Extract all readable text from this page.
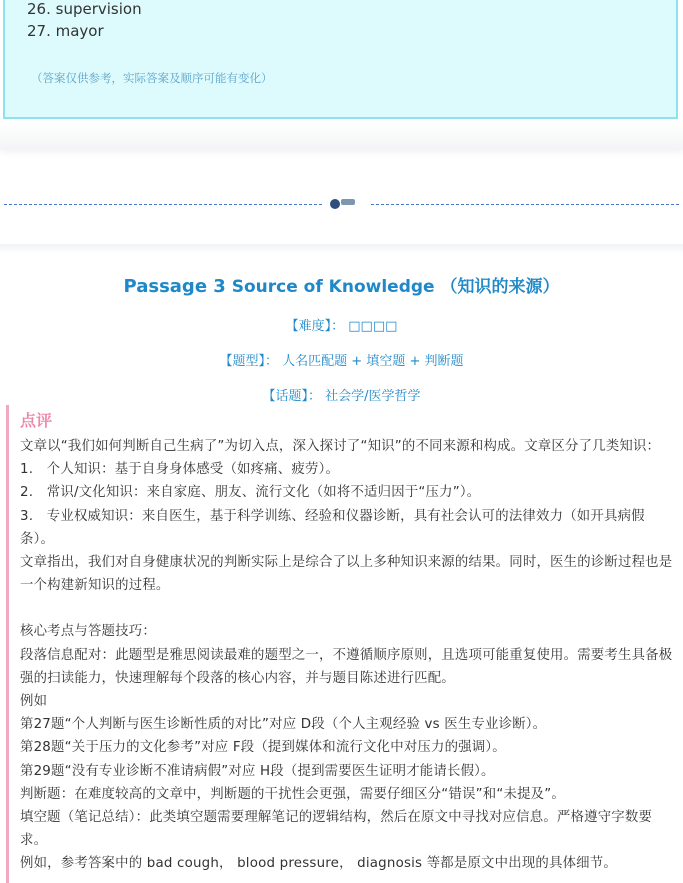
26. supervision
27. mayor
（答案仅供参考，实际答案及顺序可能有变化）
Passage 3 Source of Knowledge （知识的来源）
【难度】： □□□□
【题型】： 人名匹配题 + 填空题 + 判断题
【话题】： 社会学/医学哲学
点评

文章以“我们如何判断自己生病了”为切入点，深入探讨了“知识”的不同来源和构成。文章区分了几类知识：

1.　个人知识：基于自身身体感受（如疼痛、疲劳）。

2.　常识/文化知识：来自家庭、朋友、流行文化（如将不适归因于“压力”）。

3.　专业权威知识：来自医生，基于科学训练、经验和仪器诊断，具有社会认可的法律效力（如开具病假条）。

文章指出，我们对自身健康状况的判断实际上是综合了以上多种知识来源的结果。同时，医生的诊断过程也是一个构建新知识的过程。

核心考点与答题技巧：

段落信息配对：此题型是雅思阅读最难的题型之一，不遵循顺序原则，且选项可能重复使用。需要考生具备极强的扫读能力，快速理解每个段落的核心内容，并与题目陈述进行匹配。

例如

第27题“个人判断与医生诊断性质的对比”对应 D段（个人主观经验 vs 医生专业诊断）。

第28题“关于压力的文化参考”对应 F段（提到媒体和流行文化中对压力的强调）。

第29题“没有专业诊断不准请病假”对应 H段（提到需要医生证明才能请长假）。

判断题：在难度较高的文章中，判断题的干扰性会更强，需要仔细区分“错误”和“未提及”。

填空题（笔记总结）：此类填空题需要理解笔记的逻辑结构，然后在原文中寻找对应信息。严格遵守字数要求。

例如，参考答案中的 bad cough， blood pressure， diagnosis 等都是原文中出现的具体细节。
